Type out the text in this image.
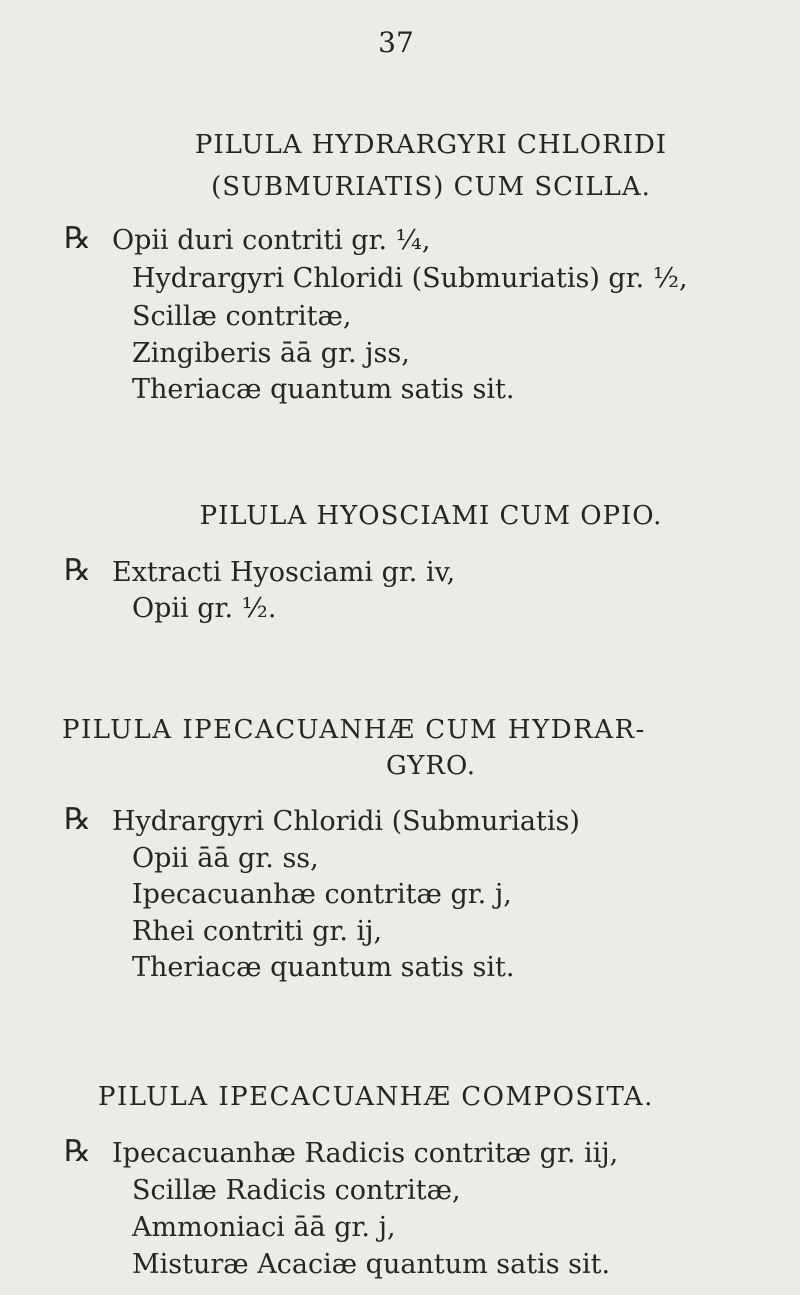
37
PILULA HYDRARGYRI CHLORIDI
(SUBMURIATIS) CUM SCILLA.
℞ Opii duri contriti gr. ¼,
Hydrargyri Chloridi (Submuriatis) gr. ½,
Scillæ contritæ,
Zingiberis āā gr. jss,
Theriacæ quantum satis sit.
PILULA HYOSCIAMI CUM OPIO.
℞ Extracti Hyosciami gr. iv,
Opii gr. ½.
PILULA IPECACUANHÆ CUM HYDRAR-
GYRO.
℞ Hydrargyri Chloridi (Submuriatis)
Opii āā gr. ss,
Ipecacuanhæ contritæ gr. j,
Rhei contriti gr. ij,
Theriacæ quantum satis sit.
PILULA IPECACUANHÆ COMPOSITA.
℞ Ipecacuanhæ Radicis contritæ gr. iij,
Scillæ Radicis contritæ,
Ammoniaci āā gr. j,
Misturæ Acaciæ quantum satis sit.
